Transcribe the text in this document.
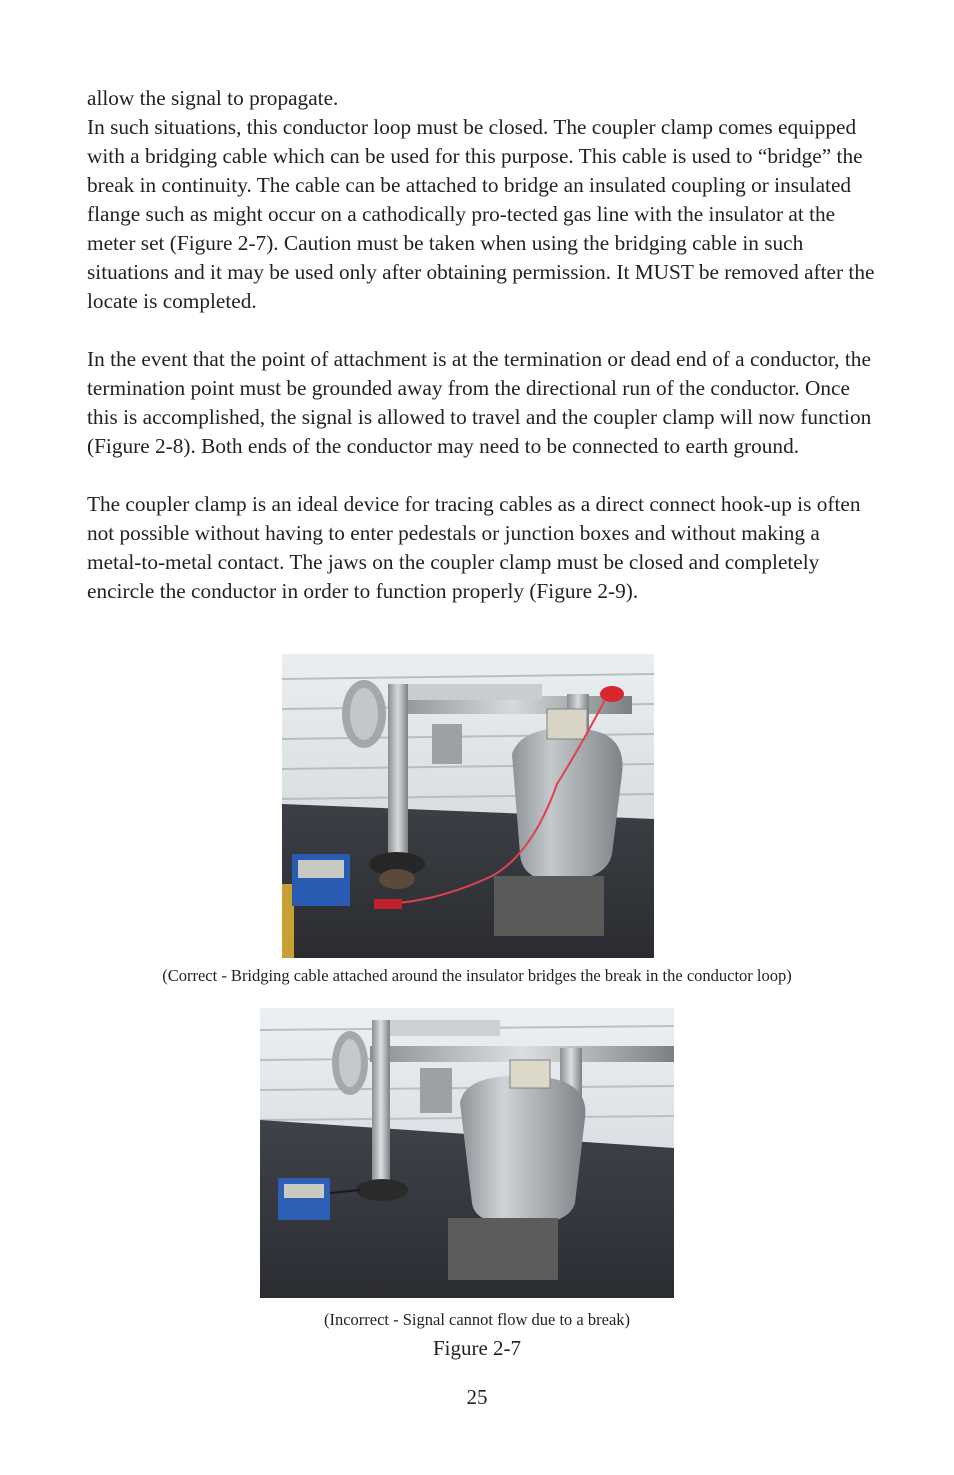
allow the signal to propagate.

In such situations, this conductor loop must be closed. The coupler clamp comes equipped with a bridging cable which can be used for this purpose. This cable is used to “bridge” the break in continuity. The cable can be attached to bridge an insulated coupling or insulated flange such as might occur on a cathodically pro-tected gas line with the insulator at the meter set (Figure 2-7). Caution must be taken when using the bridging cable in such situations and it may be used only after obtaining permission. It MUST be removed after the locate is completed.

In the event that the point of attachment is at the termination or dead end of a conductor, the termination point must be grounded away from the directional run of the conductor. Once this is accomplished, the signal is allowed to travel and the coupler clamp will now function (Figure 2-8). Both ends of the conductor may need to be connected to earth ground.

The coupler clamp is an ideal device for tracing cables as a direct connect hook-up is often not possible without having to enter pedestals or junction boxes and without making a metal-to-metal contact. The jaws on the coupler clamp must be closed and completely encircle the conductor in order to function properly (Figure 2-9).

(Correct - Bridging cable attached around the insulator bridges the break in the conductor loop)
(Incorrect - Signal cannot flow due to a break)
Figure 2-7
25
